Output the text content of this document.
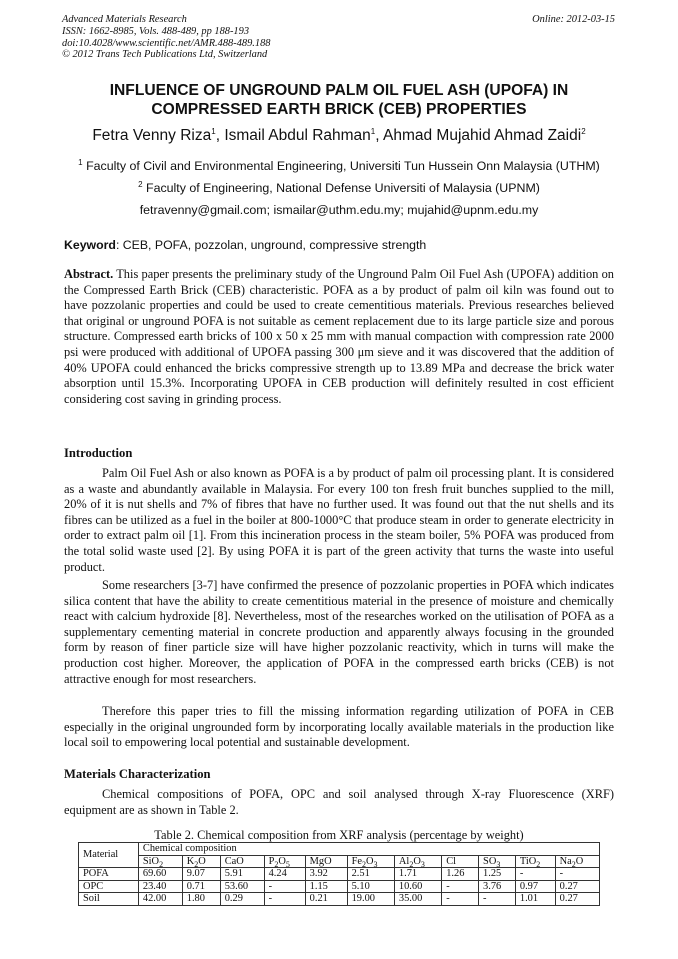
Advanced Materials Research
ISSN: 1662-8985, Vols. 488-489, pp 188-193
doi:10.4028/www.scientific.net/AMR.488-489.188
© 2012 Trans Tech Publications Ltd, Switzerland
Online: 2012-03-15
INFLUENCE OF UNGROUND PALM OIL FUEL ASH (UPOFA) IN
COMPRESSED EARTH BRICK (CEB) PROPERTIES
Fetra Venny Riza$^1$, Ismail Abdul Rahman$^1$, Ahmad Mujahid Ahmad Zaidi$^2$
$^1$ Faculty of Civil and Environmental Engineering, Universiti Tun Hussein Onn Malaysia (UTHM)
$^2$ Faculty of Engineering, National Defense Universiti of Malaysia (UPNM)
fetravenny@gmail.com; ismailar@uthm.edu.my; mujahid@upnm.edu.my
Keyword: CEB, POFA, pozzolan, unground, compressive strength

Abstract. This paper presents the preliminary study of the Unground Palm Oil Fuel Ash (UPOFA) addition on the Compressed Earth Brick (CEB) characteristic. POFA as a by product of palm oil kiln was found out to have pozzolanic properties and could be used to create cementitious materials. Previous researches believed that original or unground POFA is not suitable as cement replacement due to its large particle size and porous structure. Compressed earth bricks of 100 x 50 x 25 mm with manual compaction with compression rate 2000 psi were produced with additional of UPOFA passing 300 μm sieve and it was discovered that the addition of 40% UPOFA could enhanced the bricks compressive strength up to 13.89 MPa and decrease the brick water absorption until 15.3%. Incorporating UPOFA in CEB production will definitely resulted in cost efficient considering cost saving in grinding process.

Introduction

Palm Oil Fuel Ash or also known as POFA is a by product of palm oil processing plant. It is considered as a waste and abundantly available in Malaysia. For every 100 ton fresh fruit bunches supplied to the mill, 20% of it is nut shells and 7% of fibres that have no further used. It was found out that the nut shells and its fibres can be utilized as a fuel in the boiler at 800-1000°C that produce steam in order to generate electricity in order to extract palm oil [1]. From this incineration process in the steam boiler, 5% POFA was produced from the total solid waste used [2]. By using POFA it is part of the green activity that turns the waste into useful product.

Some researchers [3-7] have confirmed the presence of pozzolanic properties in POFA which indicates silica content that have the ability to create cementitious material in the presence of moisture and chemically react with calcium hydroxide [8]. Nevertheless, most of the researches worked on the utilisation of POFA as a supplementary cementing material in concrete production and apparently always focusing in the grounded form by reason of finer particle size will have higher pozzolanic reactivity, which in turns will make the production cost higher. Moreover, the application of POFA in the compressed earth bricks (CEB) is not attractive enough for most researchers.

Therefore this paper tries to fill the missing information regarding utilization of POFA in CEB especially in the original ungrounded form by incorporating locally available materials in the production like local soil to empowering local potential and sustainable development.

Materials Characterization

Chemical compositions of POFA, OPC and soil analysed through X-ray Fluorescence (XRF) equipment are as shown in Table 2.

Table 2. Chemical composition from XRF analysis (percentage by weight)
Material	Chemical composition										
	SiO$_2$	$K_2O$	CaO	$P_2O_5$	MgO	$Fe_2O_3$	$Al_2O_3$	Cl	$SO_3$	TiO$_2$	$Na_2O$
POFA	69.60	9.07	5.91	4.24	3.92	2.51	1.71	1.26	1.25	-	-
OPC	23.40	0.71	53.60	-	1.15	5.10	10.60	-	3.76	0.97	0.27
Soil	42.00	1.80	0.29	-	0.21	19.00	35.00	-	-	1.01	0.27
